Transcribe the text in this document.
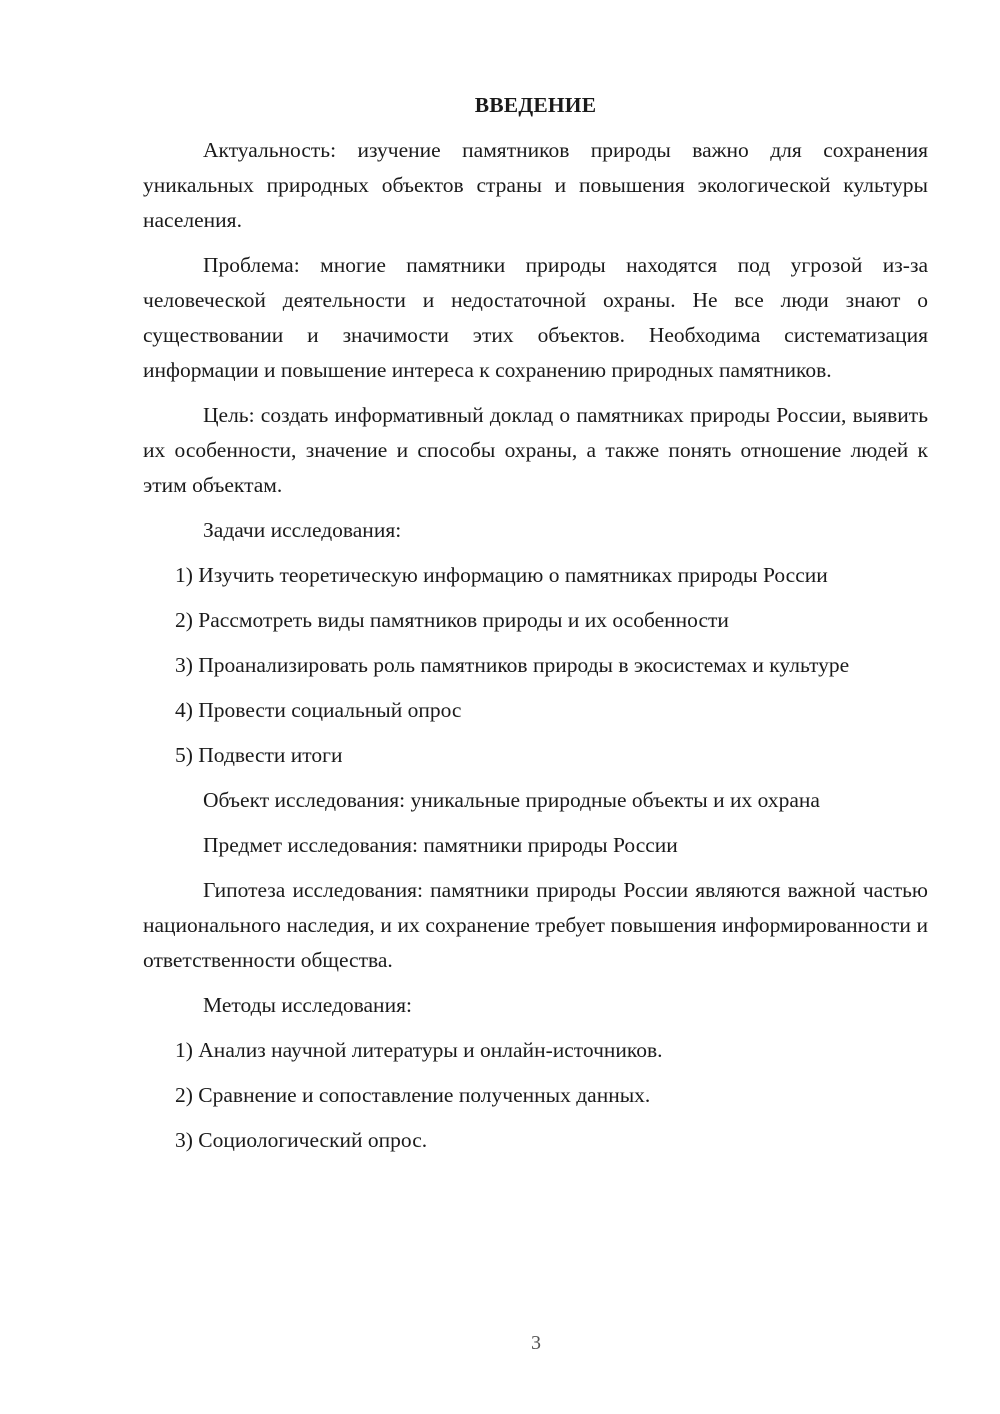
ВВЕДЕНИЕ
Актуальность: изучение памятников природы важно для сохранения уникальных природных объектов страны и повышения экологической культуры населения.
Проблема: многие памятники природы находятся под угрозой из-за человеческой деятельности и недостаточной охраны. Не все люди знают о существовании и значимости этих объектов. Необходима систематизация информации и повышение интереса к сохранению природных памятников.
Цель: создать информативный доклад о памятниках природы России, выявить их особенности, значение и способы охраны, а также понять отношение людей к этим объектам.
Задачи исследования:
1) Изучить теоретическую информацию о памятниках природы России
2) Рассмотреть виды памятников природы и их особенности
3) Проанализировать роль памятников природы в экосистемах и культуре
4) Провести социальный опрос
5) Подвести итоги
Объект исследования: уникальные природные объекты и их охрана
Предмет исследования: памятники природы России
Гипотеза исследования: памятники природы России являются важной частью национального наследия, и их сохранение требует повышения информированности и ответственности общества.
Методы исследования:
1) Анализ научной литературы и онлайн-источников.
2) Сравнение и сопоставление полученных данных.
3) Социологический опрос.
3
